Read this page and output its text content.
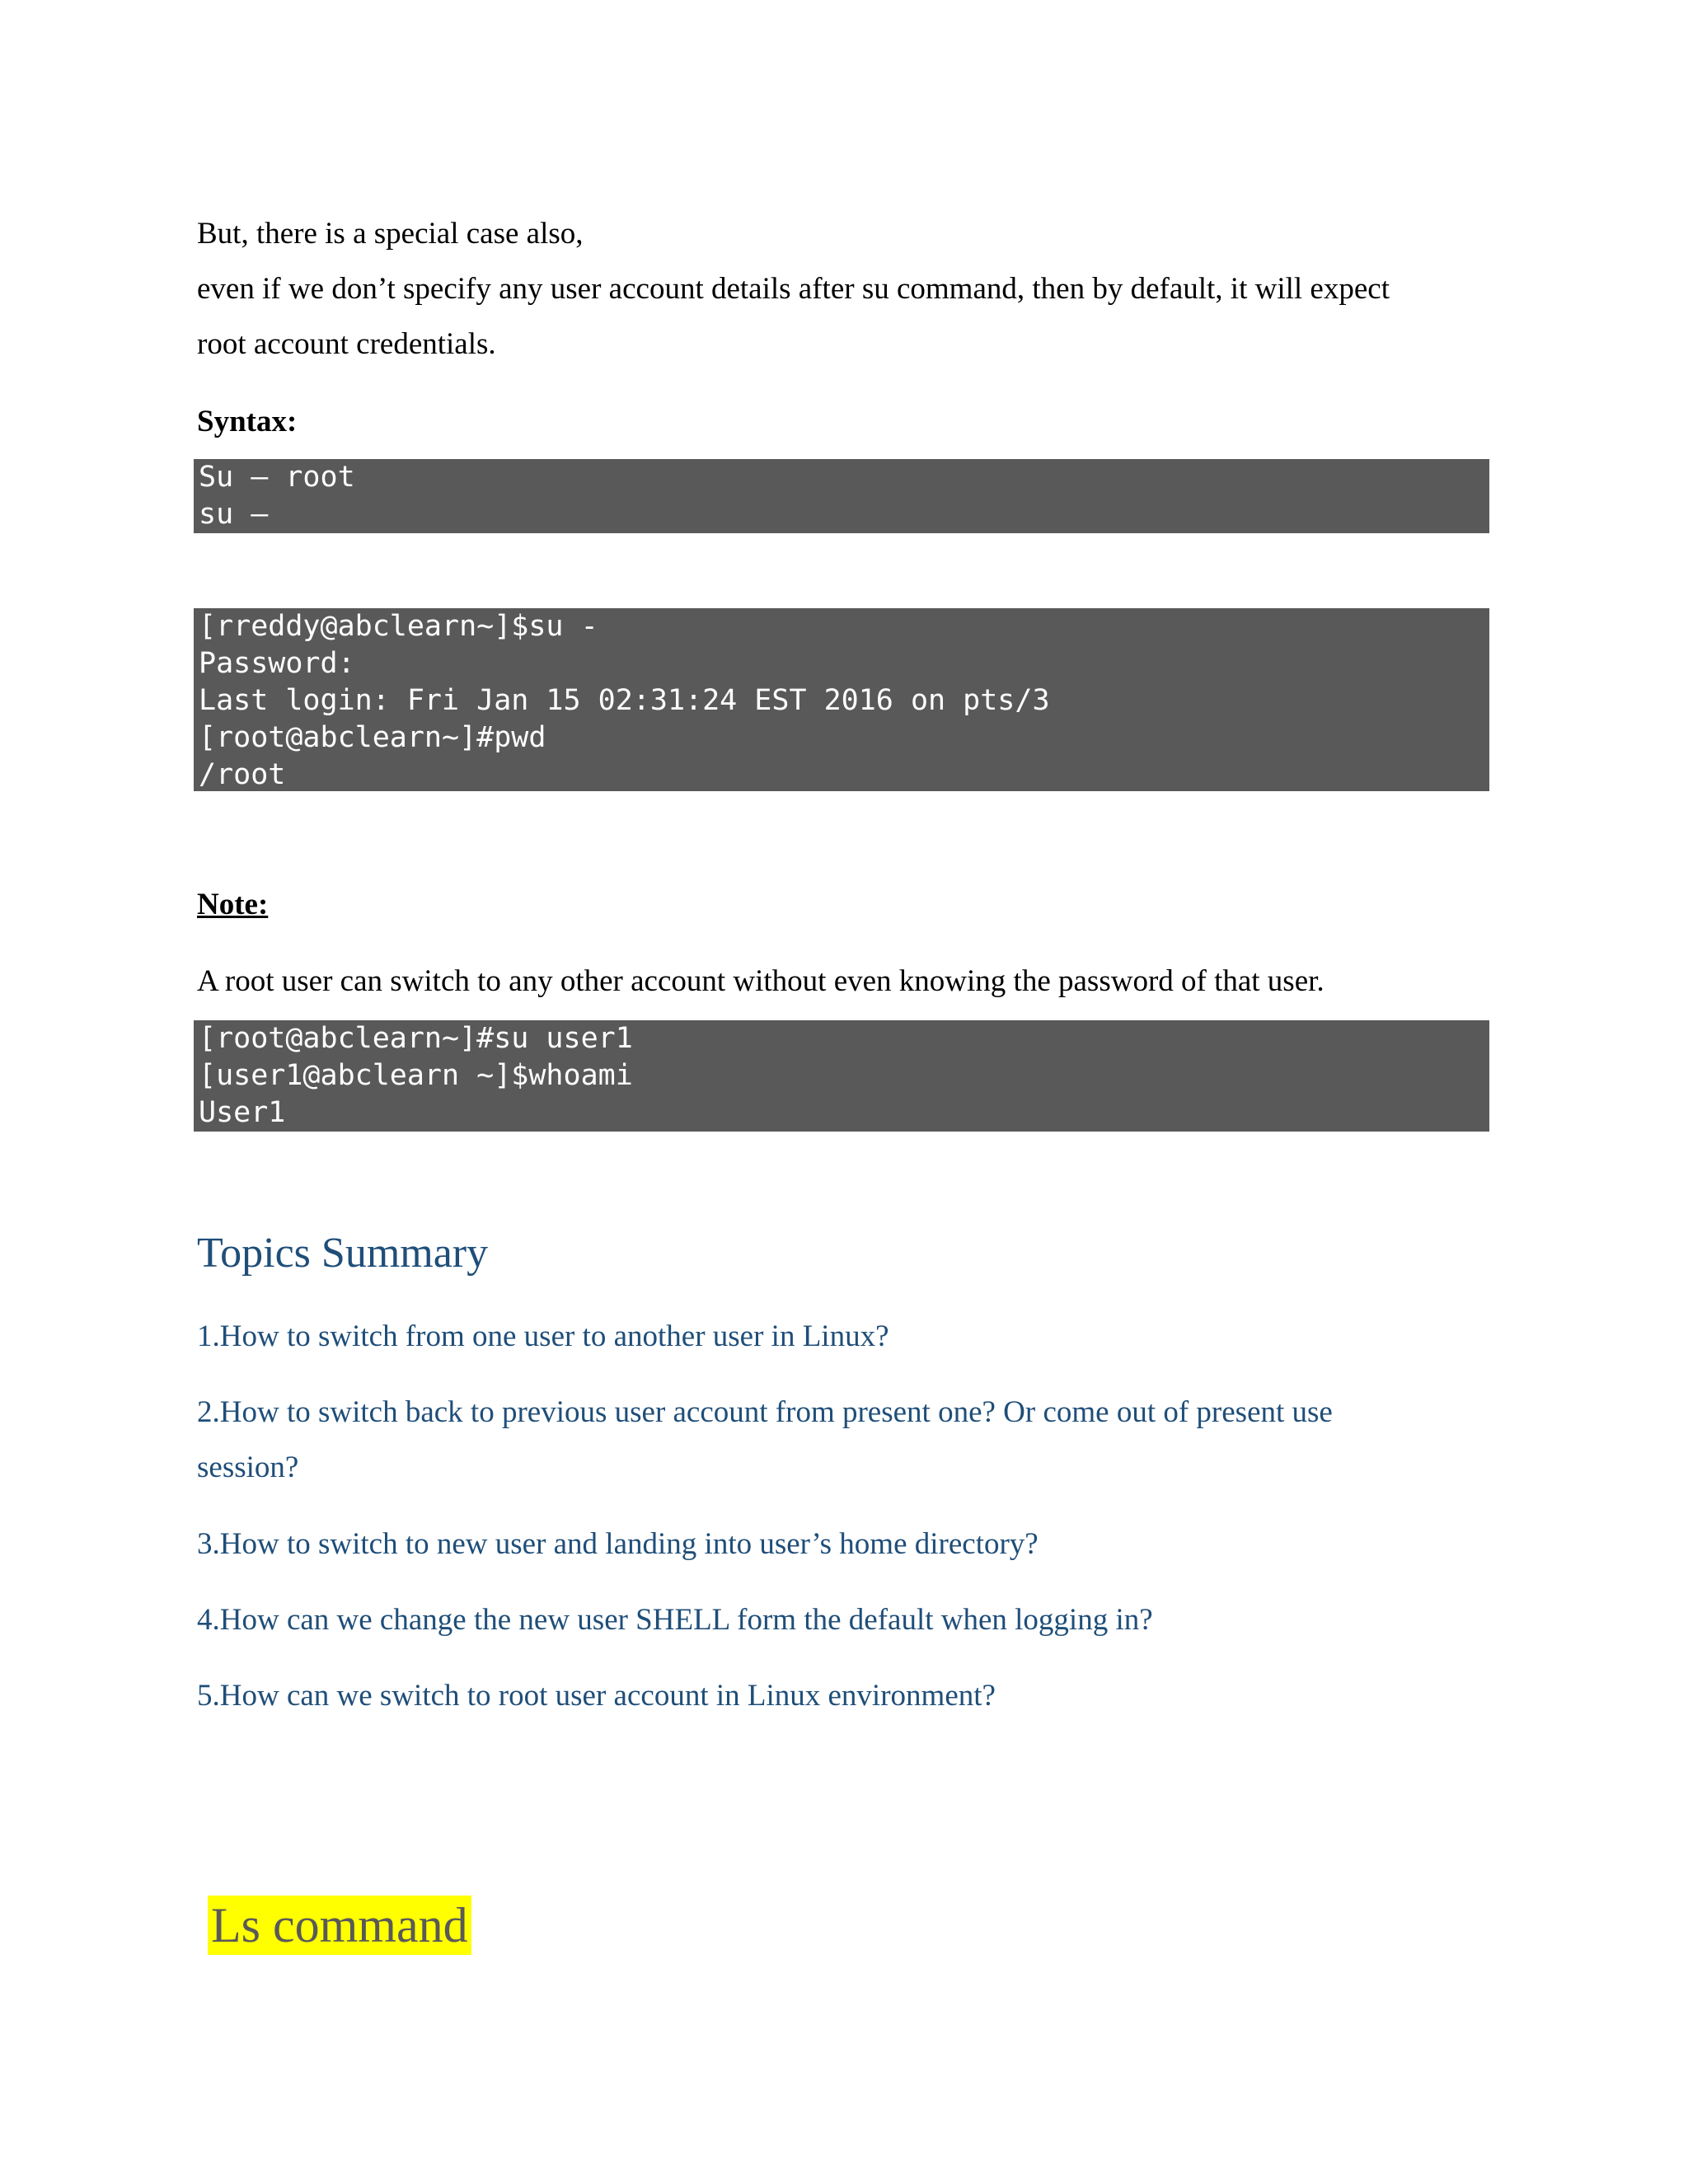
But, there is a special case also,
even if we don’t specify any user account details after su command, then by default, it will expect
root account credentials.
Syntax:
Su – root
su –
[rreddy@abclearn~]$su -
Password:
Last login: Fri Jan 15 02:31:24 EST 2016 on pts/3
[root@abclearn~]#pwd
/root
Note:
A root user can switch to any other account without even knowing the password of that user.
[root@abclearn~]#su user1
[user1@abclearn ~]$whoami
User1
Topics Summary
1.How to switch from one user to another user in Linux?
2.How to switch back to previous user account from present one? Or come out of present use
session?
3.How to switch to new user and landing into user’s home directory?
4.How can we change the new user SHELL form the default when logging in?
5.How can we switch to root user account in Linux environment?
Ls command
